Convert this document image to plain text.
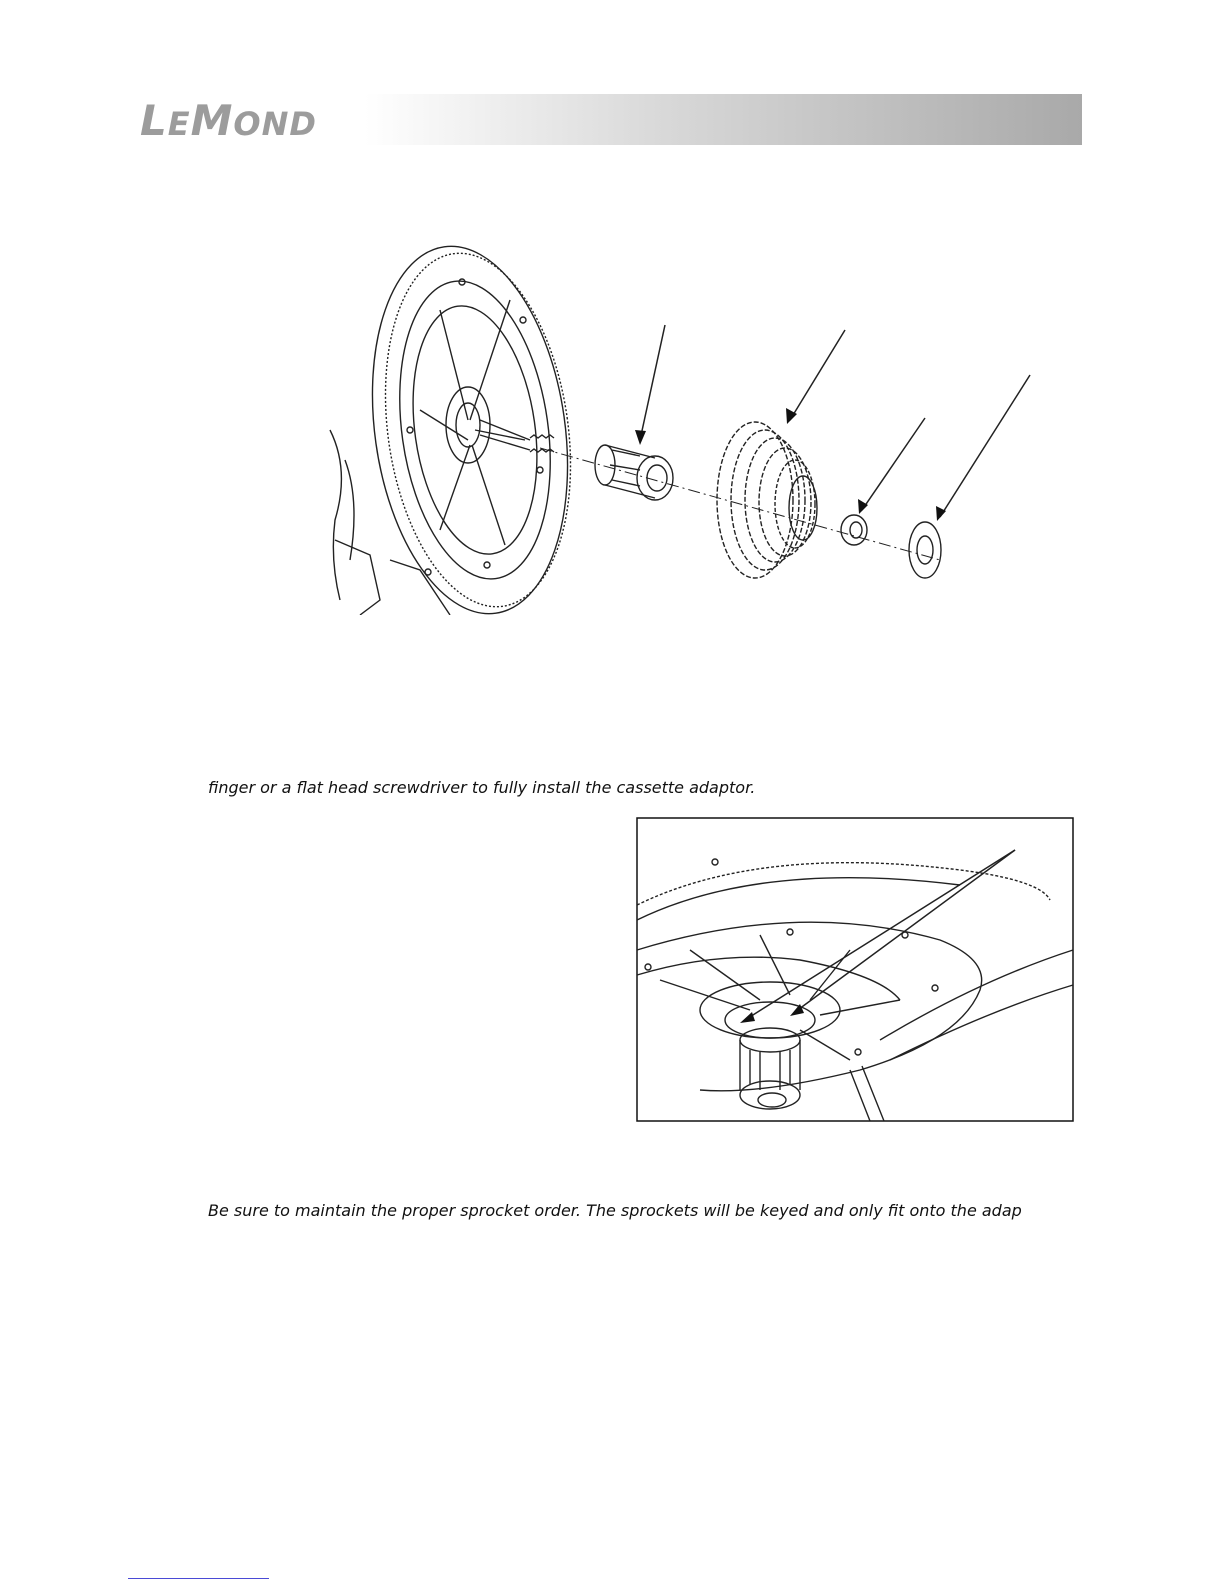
LEMOND
finger or a flat head screwdriver to fully install the cassette adaptor.
Be sure to maintain the proper sprocket order. The sprockets will be keyed and only fit onto the adap
